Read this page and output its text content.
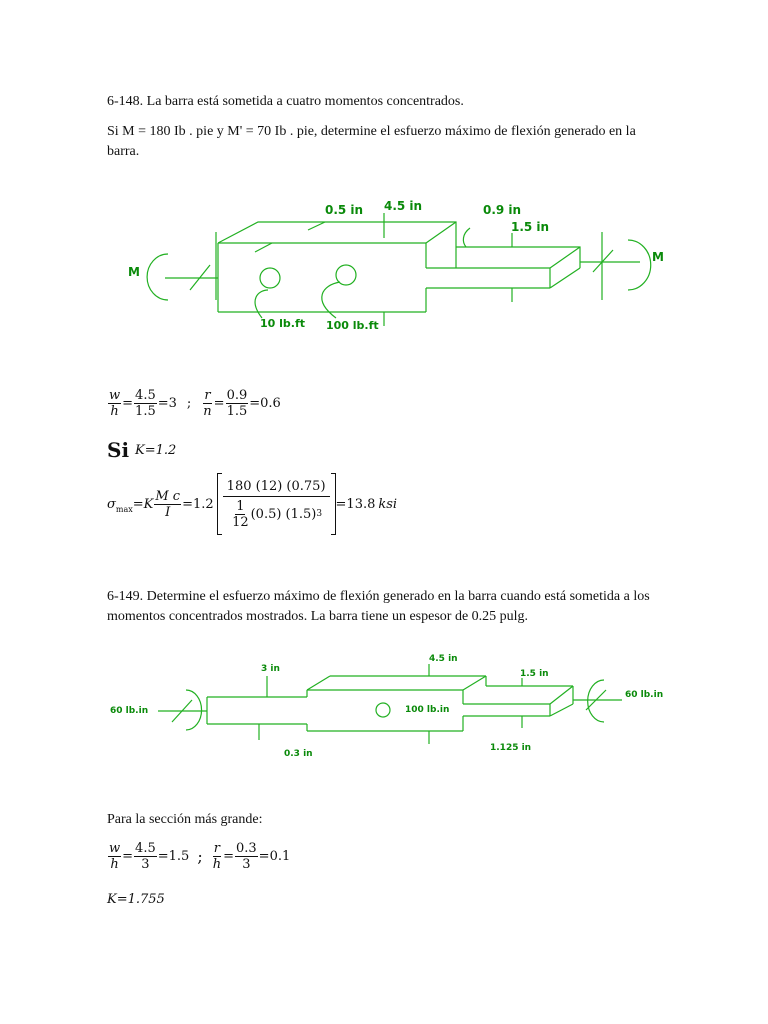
6-148. La barra está sometida a cuatro momentos concentrados.

Si M = 180 Ib . pie y M' = 70 Ib . pie, determine el esfuerzo máximo de flexión generado en la barra.

0.5 in 4.5 in	0.9 in
1.5 in
M
M
10 lb.ft 100 lb.ft
$\frac{w}{h} = \frac{4.5}{1.5} =3$ ; $\frac{r}{n} = \frac{0.9}{1.5} =0.6$
Si K=1.2
σ $\max =K \frac{\text{M c}}{I} =1.2 \frac{180 (12) (0.75)}{\frac{1}{12} (0.5) (1.5) 3} =13.8$ ksi

6-149. Determine el esfuerzo máximo de flexión generado en la barra cuando está sometida a los momentos concentrados mostrados. La barra tiene un espesor de 0.25 pulg.

3 in
4.5 in
1.5 in
60 lb.in
60 lb.in
100 lb.in
0.3 in
1.125 in

Para la sección más grande:

$\frac{w}{h} = \frac{4.5}{3} =1.5$ ; $\frac{r}{h} = \frac{0.3}{3} =0.1$
K=1.755
